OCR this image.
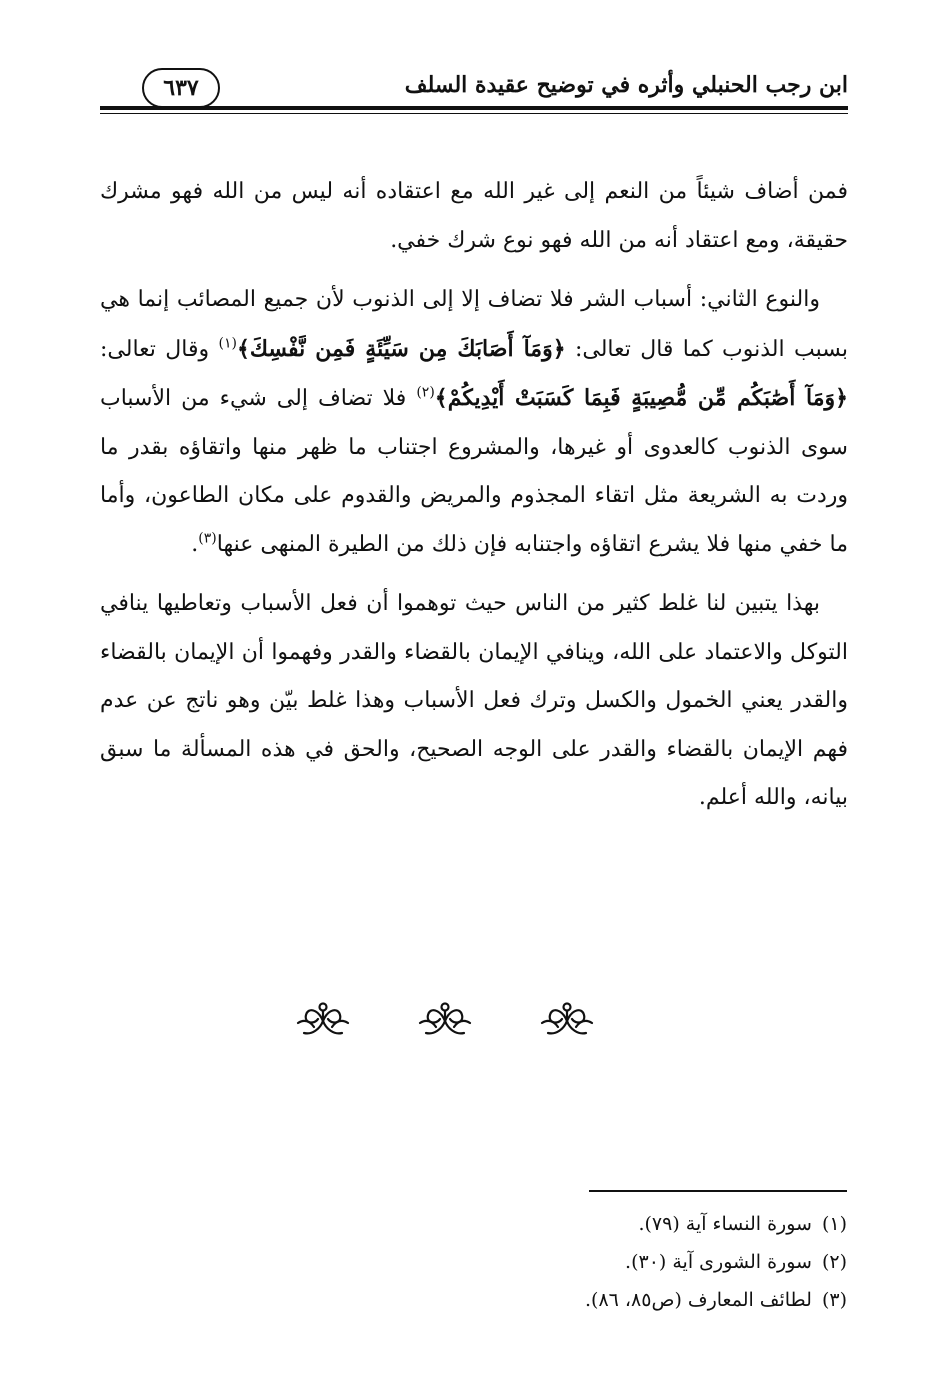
ابن رجب الحنبلي وأثره في توضيح عقيدة السلف
٦٣٧

فمن أضاف شيئاً من النعم إلى غير الله مع اعتقاده أنه ليس من الله فهو مشرك حقيقة، ومع اعتقاد أنه من الله فهو نوع شرك خفي.

والنوع الثاني: أسباب الشر فلا تضاف إلا إلى الذنوب لأن جميع المصائب إنما هي بسبب الذنوب كما قال تعالى: ﴿وَمَآ أَصَابَكَ مِن سَيِّئَةٍ فَمِن نَّفْسِكَ﴾$^{(١)}$ وقال تعالى: ﴿وَمَآ أَصَٰبَكُم مِّن مُّصِيبَةٍ فَبِمَا كَسَبَتْ أَيْدِيكُمْ﴾$^{(٢)}$ فلا تضاف إلى شيء من الأسباب سوى الذنوب كالعدوى أو غيرها، والمشروع اجتناب ما ظهر منها واتقاؤه بقدر ما وردت به الشريعة مثل اتقاء المجذوم والمريض والقدوم على مكان الطاعون، وأما ما خفي منها فلا يشرع اتقاؤه واجتنابه فإن ذلك من الطيرة المنهى عنها$^{(٣)}$.

بهذا يتبين لنا غلط كثير من الناس حيث توهموا أن فعل الأسباب وتعاطيها ينافي التوكل والاعتماد على الله، وينافي الإيمان بالقضاء والقدر وفهموا أن الإيمان بالقضاء والقدر يعني الخمول والكسل وترك فعل الأسباب وهذا غلط بيّن وهو ناتج عن عدم فهم الإيمان بالقضاء والقدر على الوجه الصحيح، والحق في هذه المسألة ما سبق بيانه، والله أعلم.

(١)
سورة النساء آية (٧٩).
(٢)
سورة الشورى آية (٣٠).
(٣)
لطائف المعارف (ص٨٥، ٨٦).
